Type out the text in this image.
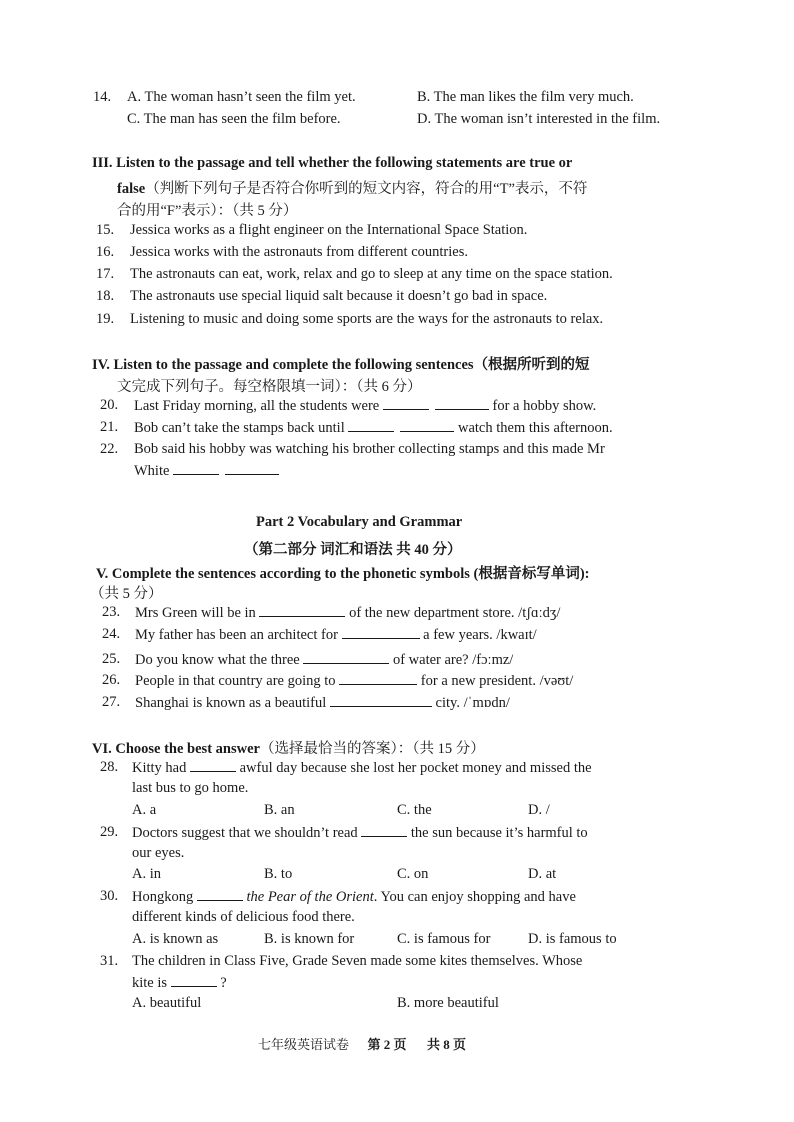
14. A. The woman hasn’t seen the film yet.	B. The man likes the film very much.
C. The man has seen the film before.	D. The woman isn’t interested in the film.
III. Listen to the passage and tell whether the following statements are true or
false（判断下列句子是否符合你听到的短文内容，符合的用“T”表示，不符
合的用“F”表示）：（共 5 分）
15. Jessica works as a flight engineer on the International Space Station.
16. Jessica works with the astronauts from different countries.
17. The astronauts can eat, work, relax and go to sleep at any time on the space station.
18. The astronauts use special liquid salt because it doesn’t go bad in space.
19. Listening to music and doing some sports are the ways for the astronauts to relax.
IV. Listen to the passage and complete the following sentences（根据所听到的短
文完成下列句子。每空格限填一词）：（共 6 分）
20. Last Friday morning, all the students were	for a hobby show.
21. Bob can’t take the stamps back until	watch them this afternoon.
22. Bob said his hobby was watching his brother collecting stamps and this made Mr
White
Part 2 Vocabulary and Grammar
（第二部分 词汇和语法 共 40 分）
V. Complete the sentences according to the phonetic symbols (根据音标写单词):
（共 5 分）
23. Mrs Green will be in	of the new department store. /tʃɑːdʒ/
24. My father has been an architect for	a few years. /kwaɪt/
25. Do you know what the three	of water are? /fɔːmz/
26. People in that country are going to	for a new president. /vəʊt/
27. Shanghai is known as a beautiful	city. /ˈmɒdn/
VI. Choose the best answer（选择最恰当的答案）：（共 15 分）
28. Kitty had	awful day because she lost her pocket money and missed the
last bus to go home.
A. a	B. an	C. the	D. /
29. Doctors suggest that we shouldn’t read	the sun because it’s harmful to
our eyes.
A. in	B. to	C. on	D. at
30. Hongkong	the Pear of the Orient. You can enjoy shopping and have
different kinds of delicious food there.
A. is known as	B. is known for	C. is famous for	D. is famous to
31. The children in Class Five, Grade Seven made some kites themselves. Whose
kite is	?
A. beautiful	B. more beautiful
七年级英语试卷 第 2 页 共 8 页
